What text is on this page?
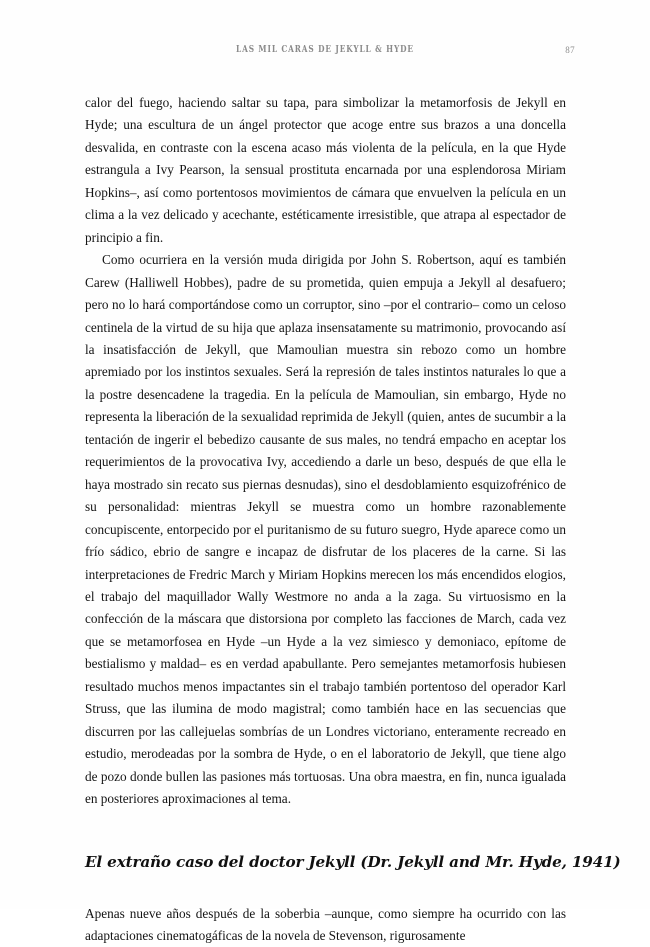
LAS MIL CARAS DE JEKYLL & HYDE	87

calor del fuego, haciendo saltar su tapa, para simbolizar la metamorfosis de Jekyll en Hyde; una escultura de un ángel protector que acoge entre sus brazos a una doncella desvalida, en contraste con la escena acaso más violenta de la película, en la que Hyde estrangula a Ivy Pearson, la sensual prostituta encarnada por una esplendorosa Miriam Hopkins–, así como portentosos movimientos de cámara que envuelven la película en un clima a la vez delicado y acechante, estéticamente irresistible, que atrapa al espectador de principio a fin.

Como ocurriera en la versión muda dirigida por John S. Robertson, aquí es también Carew (Halliwell Hobbes), padre de su prometida, quien empuja a Jekyll al desafuero; pero no lo hará comportándose como un corruptor, sino –por el contrario– como un celoso centinela de la virtud de su hija que aplaza insensatamente su matrimonio, provocando así la insatisfacción de Jekyll, que Mamoulian muestra sin rebozo como un hombre apremiado por los instintos sexuales. Será la represión de tales instintos naturales lo que a la postre desencadene la tragedia. En la película de Mamoulian, sin embargo, Hyde no representa la liberación de la sexualidad reprimida de Jekyll (quien, antes de sucumbir a la tentación de ingerir el bebedizo causante de sus males, no tendrá empacho en aceptar los requerimientos de la provocativa Ivy, accediendo a darle un beso, después de que ella le haya mostrado sin recato sus piernas desnudas), sino el desdoblamiento esquizofrénico de su personalidad: mientras Jekyll se muestra como un hombre razonablemente concupiscente, entorpecido por el puritanismo de su futuro suegro, Hyde aparece como un frío sádico, ebrio de sangre e incapaz de disfrutar de los placeres de la carne. Si las interpretaciones de Fredric March y Miriam Hopkins merecen los más encendidos elogios, el trabajo del maquillador Wally Westmore no anda a la zaga. Su virtuosismo en la confección de la máscara que distorsiona por completo las facciones de March, cada vez que se metamorfosea en Hyde –un Hyde a la vez simiesco y demoniaco, epítome de bestialismo y maldad– es en verdad apabullante. Pero semejantes metamorfosis hubiesen resultado muchos menos impactantes sin el trabajo también portentoso del operador Karl Struss, que las ilumina de modo magistral; como también hace en las secuencias que discurren por las callejuelas sombrías de un Londres victoriano, enteramente recreado en estudio, merodeadas por la sombra de Hyde, o en el laboratorio de Jekyll, que tiene algo de pozo donde bullen las pasiones más tortuosas. Una obra maestra, en fin, nunca igualada en posteriores aproximaciones al tema.

El extraño caso del doctor Jekyll (Dr. Jekyll and Mr. Hyde, 1941)

Apenas nueve años después de la soberbia –aunque, como siempre ha ocurrido con las adaptaciones cinematogáficas de la novela de Stevenson, rigurosamente
